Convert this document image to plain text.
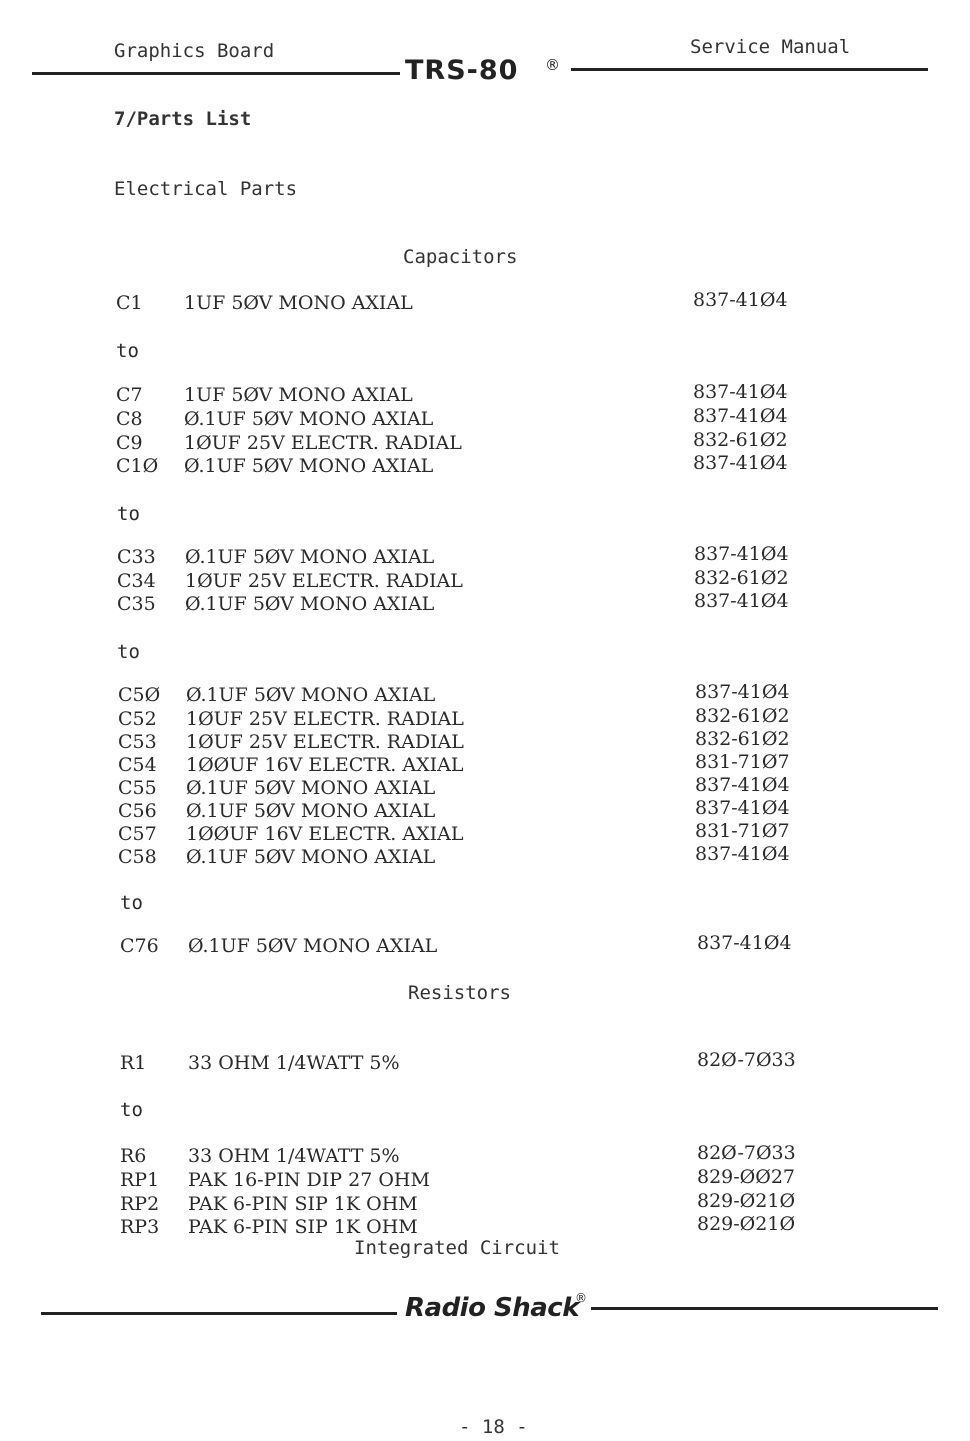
Graphics Board	Service Manual
TRS-80 ®
7/Parts List
Electrical Parts
Capacitors
C1 1UF 5ØV MONO AXIAL	837-41Ø4
to
C7 1UF 5ØV MONO AXIAL	837-41Ø4
C8 Ø.1UF 5ØV MONO AXIAL	837-41Ø4
C9 1ØUF 25V ELECTR. RADIAL	832-61Ø2
C1Ø Ø.1UF 5ØV MONO AXIAL	837-41Ø4
to
C33 Ø.1UF 5ØV MONO AXIAL	837-41Ø4
C34 1ØUF 25V ELECTR. RADIAL	832-61Ø2
C35 Ø.1UF 5ØV MONO AXIAL	837-41Ø4
to
C5Ø Ø.1UF 5ØV MONO AXIAL	837-41Ø4
C52 1ØUF 25V ELECTR. RADIAL	832-61Ø2
C53 1ØUF 25V ELECTR. RADIAL	832-61Ø2
C54 1ØØUF 16V ELECTR. AXIAL	831-71Ø7
C55 Ø.1UF 5ØV MONO AXIAL	837-41Ø4
C56 Ø.1UF 5ØV MONO AXIAL	837-41Ø4
C57 1ØØUF 16V ELECTR. AXIAL	831-71Ø7
C58 Ø.1UF 5ØV MONO AXIAL	837-41Ø4
to
C76 Ø.1UF 5ØV MONO AXIAL	837-41Ø4
Resistors
R1 33 OHM 1/4WATT 5%	82Ø-7Ø33
to
R6 33 OHM 1/4WATT 5%	82Ø-7Ø33
RP1 PAK 16-PIN DIP 27 OHM	829-ØØ27
RP2 PAK 6-PIN SIP 1K OHM	829-Ø21Ø
RP3 PAK 6-PIN SIP 1K OHM	829-Ø21Ø
Integrated Circuit
Radio Shack
®
- 18 -
